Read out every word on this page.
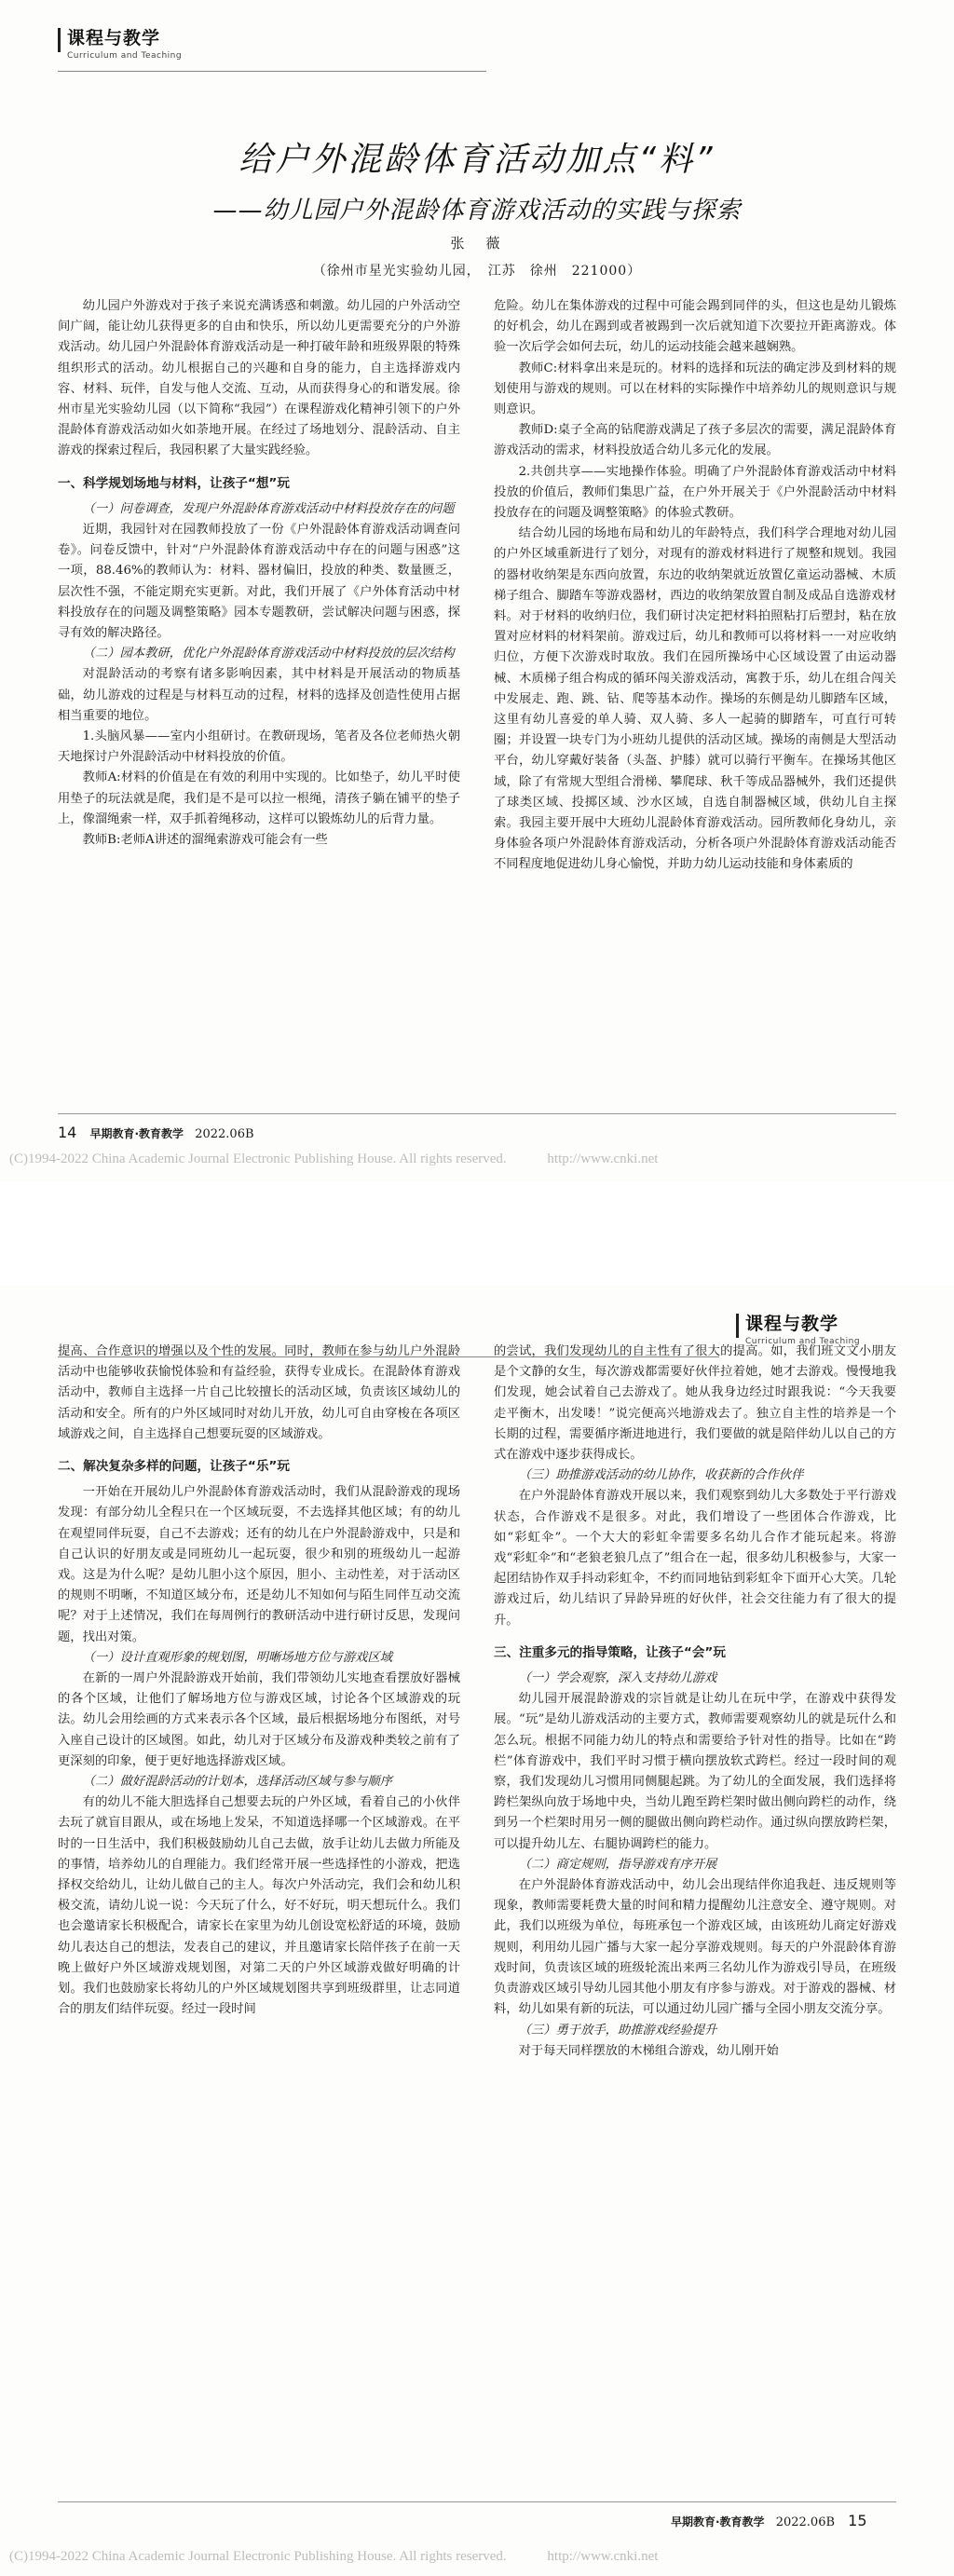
课程与教学
Curriculum and Teaching
给户外混龄体育活动加点“料”
——幼儿园户外混龄体育游戏活动的实践与探索
张　薇
（徐州市星光实验幼儿园，　江苏　徐州　221000）

幼儿园户外游戏对于孩子来说充满诱惑和刺激。幼儿园的户外活动空间广阔，能让幼儿获得更多的自由和快乐，所以幼儿更需要充分的户外游戏活动。幼儿园户外混龄体育游戏活动是一种打破年龄和班级界限的特殊组织形式的活动。幼儿根据自己的兴趣和自身的能力，自主选择游戏内容、材料、玩伴，自发与他人交流、互动，从而获得身心的和谐发展。徐州市星光实验幼儿园（以下简称“我园”）在课程游戏化精神引领下的户外混龄体育游戏活动如火如荼地开展。在经过了场地划分、混龄活动、自主游戏的探索过程后，我园积累了大量实践经验。

一、科学规划场地与材料，让孩子“想”玩

（一）问卷调查，发现户外混龄体育游戏活动中材料投放存在的问题

近期，我园针对在园教师投放了一份《户外混龄体育游戏活动调查问卷》。问卷反馈中，针对“户外混龄体育游戏活动中存在的问题与困惑”这一项，88.46%的教师认为：材料、器材偏旧，投放的种类、数量匮乏，层次性不强，不能定期充实更新。对此，我们开展了《户外体育活动中材料投放存在的问题及调整策略》园本专题教研，尝试解决问题与困惑，探寻有效的解决路径。

（二）园本教研，优化户外混龄体育游戏活动中材料投放的层次结构

对混龄活动的考察有诸多影响因素，其中材料是开展活动的物质基础，幼儿游戏的过程是与材料互动的过程，材料的选择及创造性使用占据相当重要的地位。

1.头脑风暴——室内小组研讨。在教研现场，笔者及各位老师热火朝天地探讨户外混龄活动中材料投放的价值。

教师A:材料的价值是在有效的利用中实现的。比如垫子，幼儿平时使用垫子的玩法就是爬，我们是不是可以拉一根绳，清孩子躺在铺平的垫子上，像溜绳索一样，双手抓着绳移动，这样可以锻炼幼儿的后背力量。

教师B:老师A讲述的溜绳索游戏可能会有一些

危险。幼儿在集体游戏的过程中可能会踢到同伴的头，但这也是幼儿锻炼的好机会，幼儿在踢到或者被踢到一次后就知道下次要拉开距离游戏。体验一次后学会如何去玩，幼儿的运动技能会越来越娴熟。

教师C:材料拿出来是玩的。材料的选择和玩法的确定涉及到材料的规划使用与游戏的规则。可以在材料的实际操作中培养幼儿的规则意识与规则意识。

教师D:桌子全高的钻爬游戏满足了孩子多层次的需要，满足混龄体育游戏活动的需求，材料投放适合幼儿多元化的发展。

2.共创共享——实地操作体验。明确了户外混龄体育游戏活动中材料投放的价值后，教师们集思广益，在户外开展关于《户外混龄活动中材料投放存在的问题及调整策略》的体验式教研。

结合幼儿园的场地布局和幼儿的年龄特点，我们科学合理地对幼儿园的户外区域重新进行了划分，对现有的游戏材料进行了规整和规划。我园的器材收纳架是东西向放置，东边的收纳架就近放置亿童运动器械、木质梯子组合、脚踏车等游戏器材，西边的收纳架放置自制及成品自选游戏材料。对于材料的收纳归位，我们研讨决定把材料拍照粘打后塑封，粘在放置对应材料的材料架前。游戏过后，幼儿和教师可以将材料一一对应收纳归位，方便下次游戏时取放。我们在园所操场中心区域设置了由运动器械、木质梯子组合构成的循环闯关游戏活动，寓教于乐，幼儿在组合闯关中发展走、跑、跳、钻、爬等基本动作。操场的东侧是幼儿脚踏车区域，这里有幼儿喜爱的单人骑、双人骑、多人一起骑的脚踏车，可直行可转圈；并设置一块专门为小班幼儿提供的活动区域。操场的南侧是大型活动平台，幼儿穿戴好装备（头盔、护膝）就可以骑行平衡车。在操场其他区域，除了有常规大型组合滑梯、攀爬球、秋千等成品器械外，我们还提供了球类区域、投掷区域、沙水区域，自选自制器械区域，供幼儿自主探索。我园主要开展中大班幼儿混龄体育游戏活动。园所教师化身幼儿，亲身体验各项户外混龄体育游戏活动，分析各项户外混龄体育游戏活动能否不同程度地促进幼儿身心愉悦，并助力幼儿运动技能和身体素质的

14 早期教育·教育教学 2022.06B
(C)1994-2022 China Academic Journal Electronic Publishing House. All rights reserved.	http://www.cnki.net
课程与教学
Curriculum and Teaching

提高、合作意识的增强以及个性的发展。同时，教师在参与幼儿户外混龄活动中也能够收获愉悦体验和有益经验，获得专业成长。在混龄体育游戏活动中，教师自主选择一片自己比较擅长的活动区域，负责该区域幼儿的活动和安全。所有的户外区域同时对幼儿开放，幼儿可自由穿梭在各项区域游戏之间，自主选择自己想要玩耍的区域游戏。

二、解决复杂多样的问题，让孩子“乐”玩

一开始在开展幼儿户外混龄体育游戏活动时，我们从混龄游戏的现场发现：有部分幼儿全程只在一个区域玩耍，不去选择其他区域；有的幼儿在观望同伴玩耍，自己不去游戏；还有的幼儿在户外混龄游戏中，只是和自己认识的好朋友或是同班幼儿一起玩耍，很少和别的班级幼儿一起游戏。这是为什么呢？是幼儿胆小这个原因，胆小、主动性差，对于活动区的规则不明晰，不知道区域分布，还是幼儿不知如何与陌生同伴互动交流呢？对于上述情况，我们在每周例行的教研活动中进行研讨反思，发现问题，找出对策。

（一）设计直观形象的规划图，明晰场地方位与游戏区域

在新的一周户外混龄游戏开始前，我们带领幼儿实地查看摆放好器械的各个区域，让他们了解场地方位与游戏区域，讨论各个区域游戏的玩法。幼儿会用绘画的方式来表示各个区域，最后根据场地分布图纸，对号入座自己设计的区域图。如此，幼儿对于区域分布及游戏种类较之前有了更深刻的印象，便于更好地选择游戏区域。

（二）做好混龄活动的计划本，选择活动区域与参与顺序

有的幼儿不能大胆选择自己想要去玩的户外区域，看着自己的小伙伴去玩了就盲目跟从，或在场地上发呆，不知道选择哪一个区域游戏。在平时的一日生活中，我们积极鼓励幼儿自己去做，放手让幼儿去做力所能及的事情，培养幼儿的自理能力。我们经常开展一些选择性的小游戏，把选择权交给幼儿，让幼儿做自己的主人。每次户外活动完，我们会和幼儿积极交流，请幼儿说一说：今天玩了什么，好不好玩，明天想玩什么。我们也会邀请家长积极配合，请家长在家里为幼儿创设宽松舒适的环境，鼓励幼儿表达自己的想法，发表自己的建议，并且邀请家长陪伴孩子在前一天晚上做好户外区域游戏规划图，对第二天的户外区域游戏做好明确的计划。我们也鼓励家长将幼儿的户外区域规划图共享到班级群里，让志同道合的朋友们结伴玩耍。经过一段时间

的尝试，我们发现幼儿的自主性有了很大的提高。如，我们班文文小朋友是个文静的女生，每次游戏都需要好伙伴拉着她，她才去游戏。慢慢地我们发现，她会试着自己去游戏了。她从我身边经过时跟我说：“今天我要走平衡木，出发喽！”说完便高兴地游戏去了。独立自主性的培养是一个长期的过程，需要循序渐进地进行，我们要做的就是陪伴幼儿以自己的方式在游戏中逐步获得成长。

（三）助推游戏活动的幼儿协作，收获新的合作伙伴

在户外混龄体育游戏开展以来，我们观察到幼儿大多数处于平行游戏状态，合作游戏不是很多。对此，我们增设了一些团体合作游戏，比如“彩虹伞”。一个大大的彩虹伞需要多名幼儿合作才能玩起来。将游戏“彩虹伞”和“老狼老狼几点了”组合在一起，很多幼儿积极参与，大家一起团结协作双手抖动彩虹伞，不约而同地钻到彩虹伞下面开心大笑。几轮游戏过后，幼儿结识了异龄异班的好伙伴，社会交往能力有了很大的提升。

三、注重多元的指导策略，让孩子“会”玩

（一）学会观察，深入支持幼儿游戏

幼儿园开展混龄游戏的宗旨就是让幼儿在玩中学，在游戏中获得发展。“玩”是幼儿游戏活动的主要方式，教师需要观察幼儿的就是玩什么和怎么玩。根据不同能力幼儿的特点和需要给予针对性的指导。比如在“跨栏”体育游戏中，我们平时习惯于横向摆放软式跨栏。经过一段时间的观察，我们发现幼儿习惯用同侧腿起跳。为了幼儿的全面发展，我们选择将跨栏架纵向放于场地中央，当幼儿跑至跨栏架时做出侧向跨栏的动作，绕到另一个栏架时用另一侧的腿做出侧向跨栏动作。通过纵向摆放跨栏架，可以提升幼儿左、右腿协调跨栏的能力。

（二）商定规则，指导游戏有序开展

在户外混龄体育游戏活动中，幼儿会出现结伴你追我赶、违反规则等现象，教师需要耗费大量的时间和精力提醒幼儿注意安全、遵守规则。对此，我们以班级为单位，每班承包一个游戏区域，由该班幼儿商定好游戏规则，利用幼儿园广播与大家一起分享游戏规则。每天的户外混龄体育游戏时间，负责该区域的班级轮流出来两三名幼儿作为游戏引导员，在班级负责游戏区域引导幼儿园其他小朋友有序参与游戏。对于游戏的器械、材料，幼儿如果有新的玩法，可以通过幼儿园广播与全园小朋友交流分享。

（三）勇于放手，助推游戏经验提升

对于每天同样摆放的木梯组合游戏，幼儿刚开始

早期教育·教育教学 2022.06B 15
(C)1994-2022 China Academic Journal Electronic Publishing House. All rights reserved.	http://www.cnki.net
